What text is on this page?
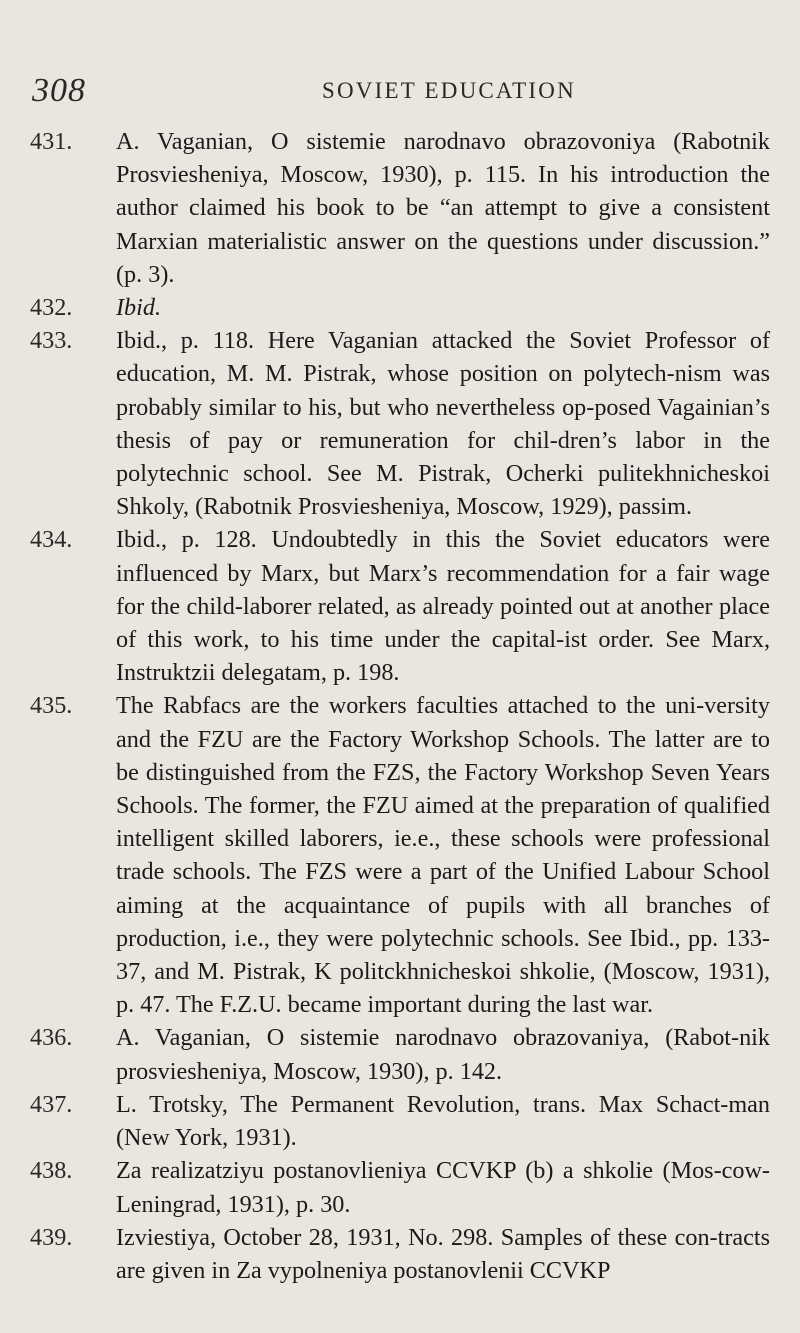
308	SOVIET EDUCATION

431.	A. Vaganian, O sistemie narodnavo obrazovoniya (Rabotnik Prosviesheniya, Moscow, 1930), p. 115. In his introduction the author claimed his book to be “an attempt to give a consistent Marxian materialistic answer on the questions under discussion.” (p. 3).

432.	Ibid.

433.	Ibid., p. 118. Here Vaganian attacked the Soviet Professor of education, M. M. Pistrak, whose position on polytech-nism was probably similar to his, but who nevertheless op-posed Vagainian’s thesis of pay or remuneration for chil-dren’s labor in the polytechnic school. See M. Pistrak, Ocherki pulitekhnicheskoi Shkoly, (Rabotnik Prosviesheniya, Moscow, 1929), passim.

434.	Ibid., p. 128. Undoubtedly in this the Soviet educators were influenced by Marx, but Marx’s recommendation for a fair wage for the child-laborer related, as already pointed out at another place of this work, to his time under the capital-ist order. See Marx, Instruktzii delegatam, p. 198.

435.	The Rabfacs are the workers faculties attached to the uni-versity and the FZU are the Factory Workshop Schools. The latter are to be distinguished from the FZS, the Factory Workshop Seven Years Schools. The former, the FZU aimed at the preparation of qualified intelligent skilled laborers, ie.e., these schools were professional trade schools. The FZS were a part of the Unified Labour School aiming at the acquaintance of pupils with all branches of production, i.e., they were polytechnic schools. See Ibid., pp. 133-37, and M. Pistrak, K politckhnicheskoi shkolie, (Moscow, 1931), p. 47. The F.Z.U. became important during the last war.

436.	A. Vaganian, O sistemie narodnavo obrazovaniya, (Rabot-nik prosviesheniya, Moscow, 1930), p. 142.

437.	L. Trotsky, The Permanent Revolution, trans. Max Schact-man (New York, 1931).

438.	Za realizatziyu postanovlieniya CCVKP (b) a shkolie (Mos-cow-Leningrad, 1931), p. 30.

439.	Izviestiya, October 28, 1931, No. 298. Samples of these con-tracts are given in Za vypolneniya postanovlenii CCVKP
